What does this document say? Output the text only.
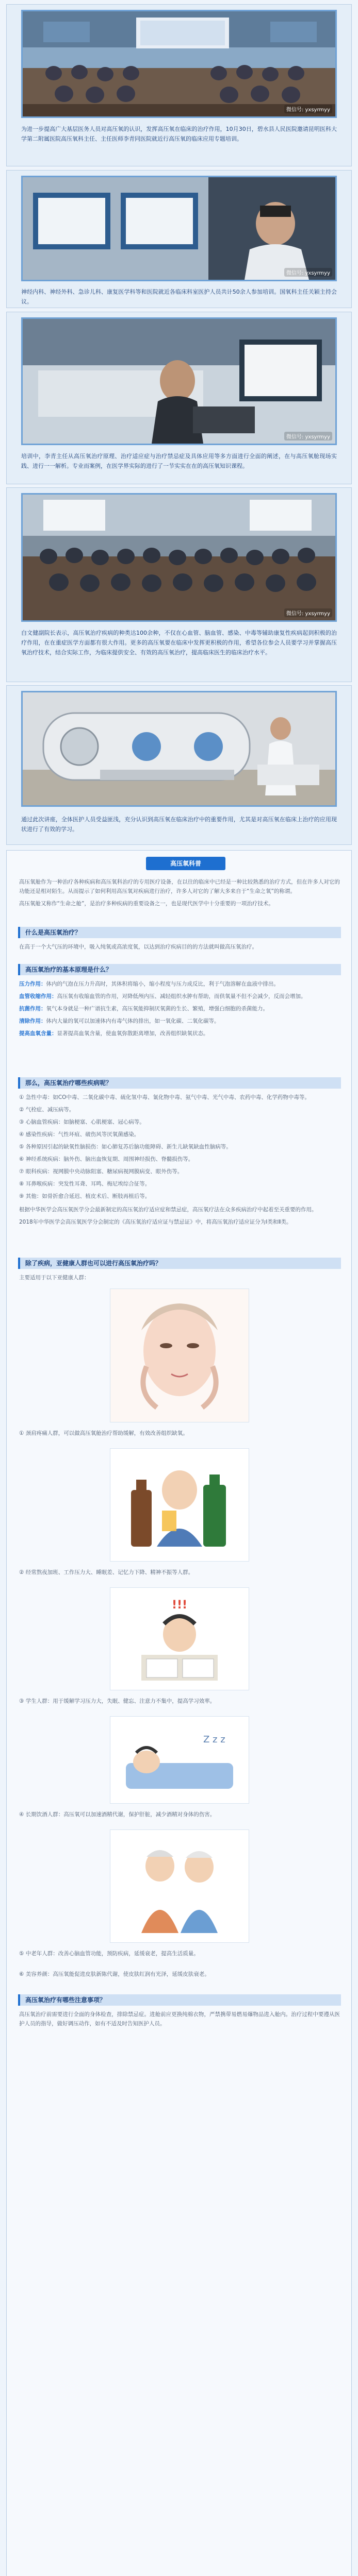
微信号: yxsyrmyy
为进一步提高广大基层医务人员对高压氧的认识，发挥高压氧在临床的治疗作用，10月30日，碧水县人民医院邀请昆明医科大学第二附属医院高压氧科主任、主任医师李青同医院就近行高压氧的临床应用专题培训。
微信号: yxsyrmyy
神经内科、神经外科、急诊儿科、康复医学科等和医院就近各临床科室医护人员共计50余人参加培训。国氧科主任关颖主持会议。
微信号: yxsyrmyy
培训中，李青主任从高压氧治疗原理、治疗适应症与治疗禁忌症及具体应用等多方面进行全面的阐述，在与高压氧舱现场实践、进行一一解析。专业而案例，在医学界实际的进行了一节实实在在的高压氧知识课程。
微信号: yxsyrmyy
白文健副院长表示，高压氧治疗疾病的种类达100余种，不仅在心血管、脑血管、感染、中毒等辅助康复性疾病起到积极的治疗作用，在在重症医学方面都有很大作用。更多的高压氧要在临床中发挥更积极的作用，希望各位参会人员要学习并掌握高压氧治疗技术，结合实际工作，为临床提供安全、有效的高压氧治疗，提高临床医生的临床治疗水平。
通过此次讲座，全体医护人员受益匪浅，充分认识到高压氧在临床治疗中的重要作用，尤其是对高压氧在临床上治疗的应用现状进行了有效的学习。
高压氧科普

高压氧舱作为一种治疗各种疾病和高压氧科治疗的专用医疗设备，在以往的临床中已经是一种比较熟悉的治疗方式，但在许多人对它的功能还是相对陌生。从而提示了如何利用高压氧对疾病进行治疗，许多人对它的了解大多来自于“生命之氧”的称谓。

高压氧舱又称作“生命之舱”，是治疗多种疾病的重要设备之一，也是现代医学中十分重要的一项治疗技术。

什么是高压氧治疗？
在高于一个大气压的环境中，吸入纯氧或高浓度氧，以达到治疗疾病目的的方法就叫做高压氧治疗。
高压氧治疗的基本原理是什么？

压力作用：体内的气泡在压力升高时，其体积将缩小，缩小程度与压力成反比，利于气泡溶解在血液中排出。

血管收缩作用：高压氧有收缩血管的作用，对降低颅内压、减轻组织水肿有帮助，而供氧量不但不会减少，反而会增加。

抗菌作用：氧气本身就是一种广谱抗生素，高压氧能抑制厌氧菌的生长、繁殖，增强白细胞的杀菌能力。

清除作用：体内大量的氧可以加速体内有毒气体的排出，如一氧化碳、二氧化碳等。

提高血氧含量：显著提高血氧含量，使血氧弥散距离增加，改善组织缺氧状态。

那么，高压氧治疗哪些疾病呢？

① 急性中毒：如CO中毒、二氧化碳中毒、硫化氢中毒、氰化物中毒、氨气中毒、光气中毒、农药中毒、化学药物中毒等。

② 气栓症、减压病等。

③ 心脑血管疾病：如脑梗塞、心肌梗塞、冠心病等。

④ 感染性疾病：气性坏疽、破伤风等厌氧菌感染。

⑤ 各种原因引起的缺氧性脑损伤：如心肺复苏后脑功能障碍、新生儿缺氧缺血性脑病等。

⑥ 神经系统疾病：脑外伤、脑出血恢复期、周围神经损伤、脊髓损伤等。

⑦ 眼科疾病：视网膜中央动脉阻塞、糖尿病视网膜病变、眼外伤等。

⑧ 耳鼻喉疾病：突发性耳聋、耳鸣、梅尼埃综合征等。

⑨ 其他：如骨折愈合延迟、植皮术后、断肢再植后等。

根据中华医学会高压氧医学分会最新制定的高压氧治疗适应症和禁忌症，高压氧疗法在众多疾病治疗中起着至关重要的作用。

2018年中华医学会高压氧医学分会制定的《高压氧治疗适应证与禁忌证》中，将高压氧治疗适应证分为Ⅰ类和Ⅱ类。

除了疾病，亚健康人群也可以进行高压氧治疗吗？
主要适用于以下亚健康人群：
① 颈肩疼痛人群，可以做高压氧舱治疗帮助缓解，有效改善组织缺氧。
② 经常熬夜加班、工作压力大、睡眠差、记忆力下降、精神不振等人群。
!!!
③ 学生人群：用于缓解学习压力大，失眠、健忘、注意力不集中，提高学习效率。
Z z z
④ 长期饮酒人群：高压氧可以加速酒精代谢，保护肝脏，减少酒精对身体的伤害。
⑤ 中老年人群：改善心脑血管功能，预防疾病，延缓衰老，提高生活质量。
⑥ 美容养颜：高压氧能促进皮肤新陈代谢，使皮肤红润有光泽，延缓皮肤衰老。
高压氧治疗有哪些注意事项？
高压氧治疗前需要进行全面的身体检查，排除禁忌症。进舱前应更换纯棉衣物，严禁携带易燃易爆物品进入舱内。治疗过程中要遵从医护人员的指导，做好调压动作，如有不适及时告知医护人员。
